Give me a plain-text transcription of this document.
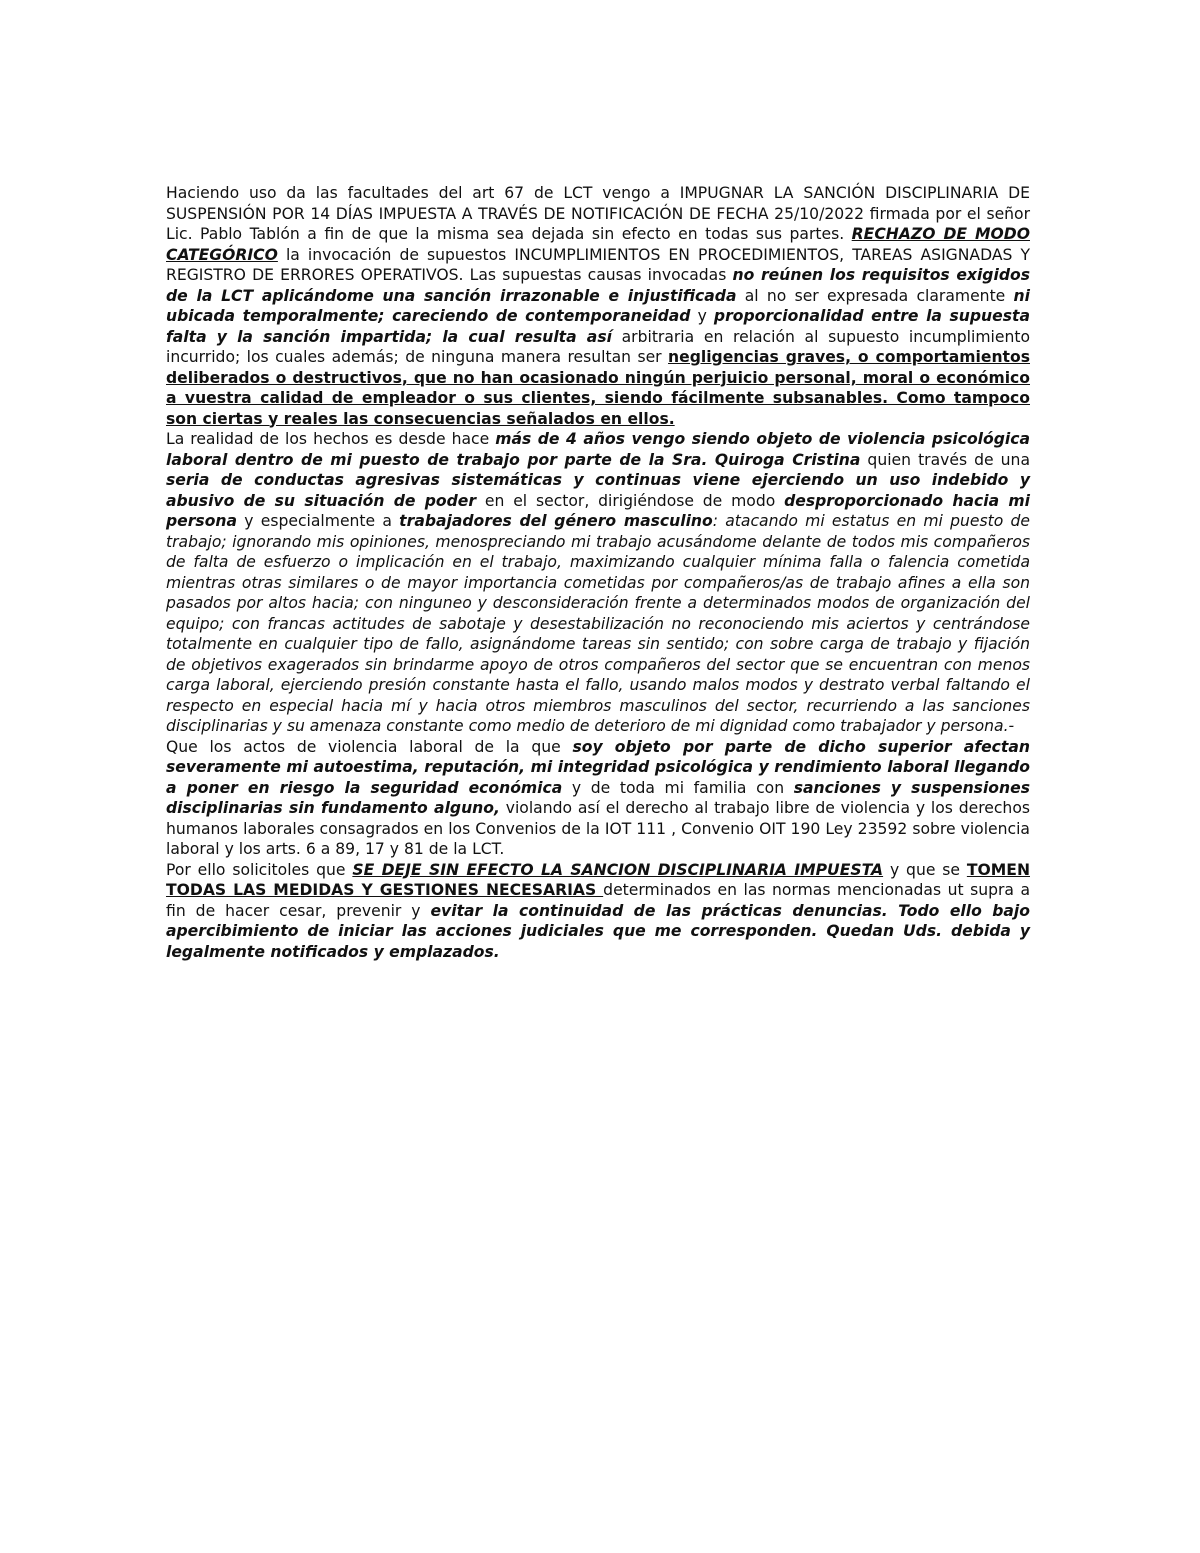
Haciendo uso da las facultades del art 67 de LCT vengo a IMPUGNAR LA SANCIÓN DISCIPLINARIA DE SUSPENSIÓN POR 14 DÍAS IMPUESTA A TRAVÉS DE NOTIFICACIÓN DE FECHA 25/10/2022 firmada por el señor Lic. Pablo Tablón a fin de que la misma sea dejada sin efecto en todas sus partes. RECHAZO DE MODO CATEGÓRICO la invocación de supuestos INCUMPLIMIENTOS EN PROCEDIMIENTOS, TAREAS ASIGNADAS Y REGISTRO DE ERRORES OPERATIVOS. Las supuestas causas invocadas no reúnen los requisitos exigidos de la LCT aplicándome una sanción irrazonable e injustificada al no ser expresada claramente ni ubicada temporalmente; careciendo de contemporaneidad y proporcionalidad entre la supuesta falta y la sanción impartida; la cual resulta así arbitraria en relación al supuesto incumplimiento incurrido; los cuales además; de ninguna manera resultan ser negligencias graves, o comportamientos deliberados o destructivos, que no han ocasionado ningún perjuicio personal, moral o económico a vuestra calidad de empleador o sus clientes, siendo fácilmente subsanables. Como tampoco son ciertas y reales las consecuencias señalados en ellos.

La realidad de los hechos es desde hace más de 4 años vengo siendo objeto de violencia psicológica laboral dentro de mi puesto de trabajo por parte de la Sra. Quiroga Cristina quien través de una seria de conductas agresivas sistemáticas y continuas viene ejerciendo un uso indebido y abusivo de su situación de poder en el sector, dirigiéndose de modo desproporcionado hacia mi persona y especialmente a trabajadores del género masculino: atacando mi estatus en mi puesto de trabajo; ignorando mis opiniones, menospreciando mi trabajo acusándome delante de todos mis compañeros de falta de esfuerzo o implicación en el trabajo, maximizando cualquier mínima falla o falencia cometida mientras otras similares o de mayor importancia cometidas por compañeros/as de trabajo afines a ella son pasados por altos hacia; con ninguneo y desconsideración frente a determinados modos de organización del equipo; con francas actitudes de sabotaje y desestabilización no reconociendo mis aciertos y centrándose totalmente en cualquier tipo de fallo, asignándome tareas sin sentido; con sobre carga de trabajo y fijación de objetivos exagerados sin brindarme apoyo de otros compañeros del sector que se encuentran con menos carga laboral, ejerciendo presión constante hasta el fallo, usando malos modos y destrato verbal faltando el respecto en especial hacia mí y hacia otros miembros masculinos del sector, recurriendo a las sanciones disciplinarias y su amenaza constante como medio de deterioro de mi dignidad como trabajador y persona.-

Que los actos de violencia laboral de la que soy objeto por parte de dicho superior afectan severamente mi autoestima, reputación, mi integridad psicológica y rendimiento laboral llegando a poner en riesgo la seguridad económica y de toda mi familia con sanciones y suspensiones disciplinarias sin fundamento alguno, violando así el derecho al trabajo libre de violencia y los derechos humanos laborales consagrados en los Convenios de la IOT 111 , Convenio OIT 190 Ley 23592 sobre violencia laboral y los arts. 6 a 89, 17 y 81 de la LCT.

Por ello solicitoles que SE DEJE SIN EFECTO LA SANCION DISCIPLINARIA IMPUESTA y que se TOMEN TODAS LAS MEDIDAS Y GESTIONES NECESARIAS determinados en las normas mencionadas ut supra a fin de hacer cesar, prevenir y evitar la continuidad de las prácticas denuncias. Todo ello bajo apercibimiento de iniciar las acciones judiciales que me corresponden. Quedan Uds. debida y legalmente notificados y emplazados.
